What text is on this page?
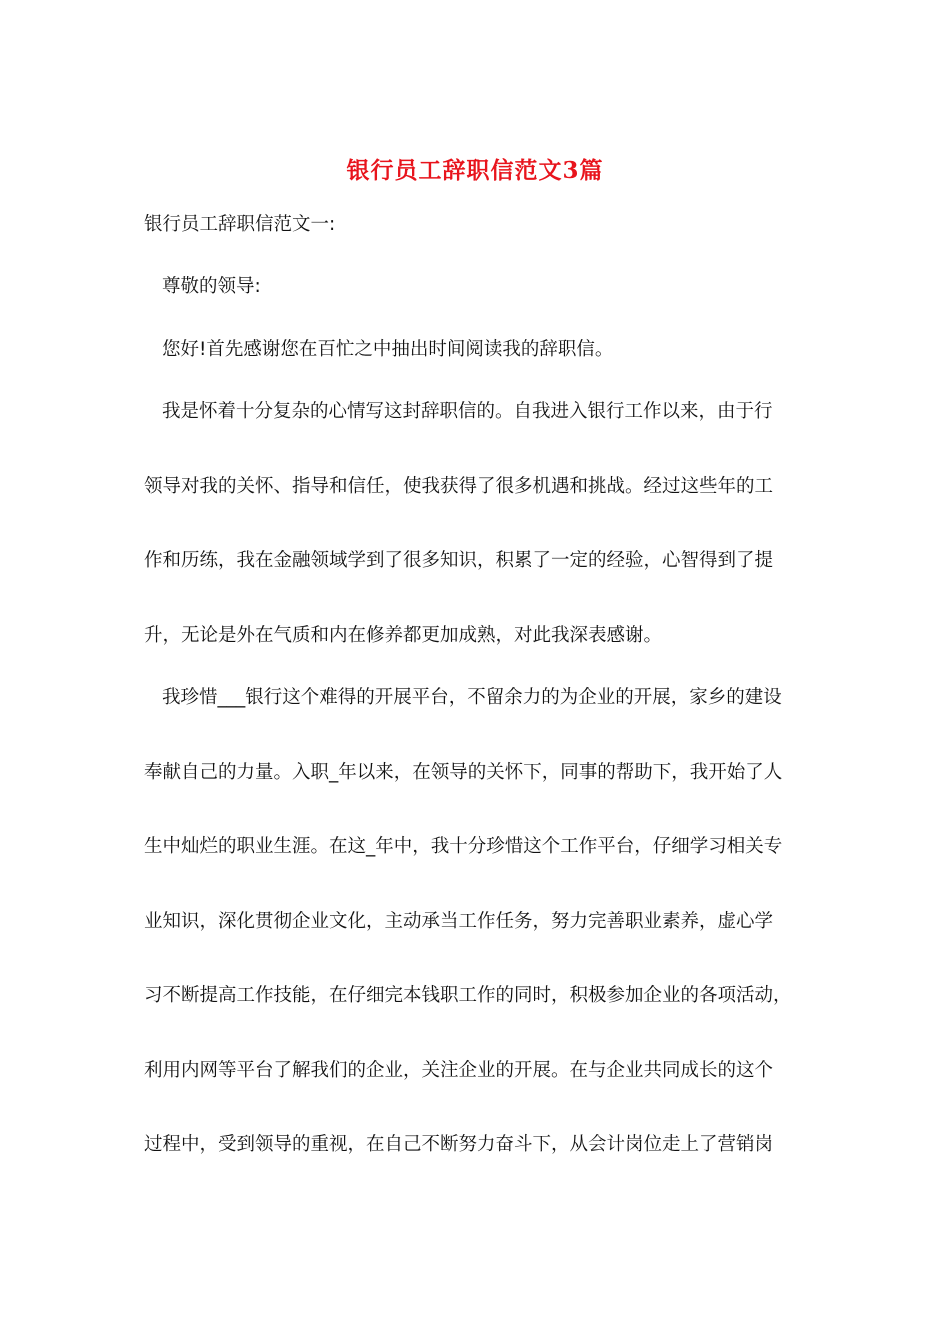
银行员工辞职信范文3篇
银行员工辞职信范文一:
尊敬的领导:
您好!首先感谢您在百忙之中抽出时间阅读我的辞职信。
我是怀着十分复杂的心情写这封辞职信的。自我进入银行工作以来，由于行
领导对我的关怀、指导和信任，使我获得了很多机遇和挑战。经过这些年的工
作和历练，我在金融领域学到了很多知识，积累了一定的经验，心智得到了提
升，无论是外在气质和内在修养都更加成熟，对此我深表感谢。
我珍惜___银行这个难得的开展平台，不留余力的为企业的开展，家乡的建设
奉献自己的力量。入职_年以来，在领导的关怀下，同事的帮助下，我开始了人
生中灿烂的职业生涯。在这_年中，我十分珍惜这个工作平台，仔细学习相关专
业知识，深化贯彻企业文化，主动承当工作任务，努力完善职业素养，虚心学
习不断提高工作技能，在仔细完本钱职工作的同时，积极参加企业的各项活动，
利用内网等平台了解我们的企业，关注企业的开展。在与企业共同成长的这个
过程中，受到领导的重视，在自己不断努力奋斗下，从会计岗位走上了营销岗
